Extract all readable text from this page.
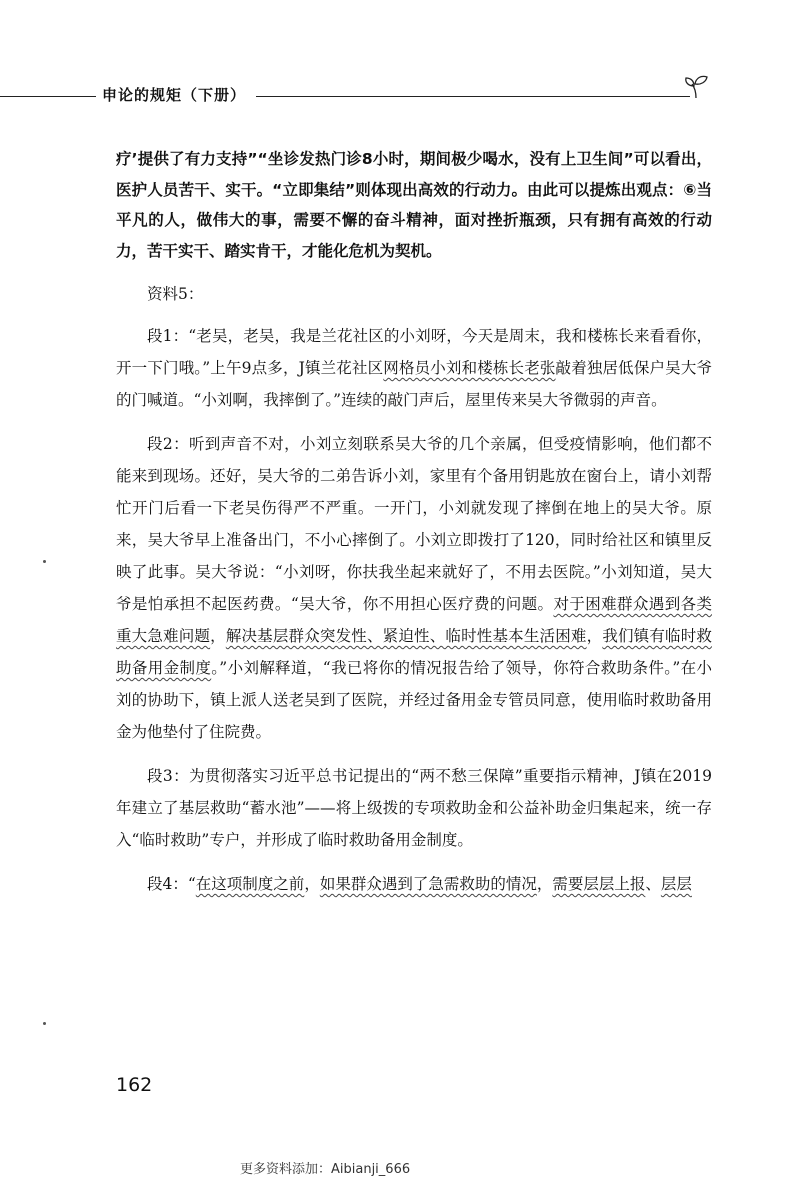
申论的规矩（下册）

疗’提供了有力支持”“坐诊发热门诊8小时，期间极少喝水，没有上卫生间”可以看出，医护人员苦干、实干。“立即集结”则体现出高效的行动力。由此可以提炼出观点：⑥当平凡的人，做伟大的事，需要不懈的奋斗精神，面对挫折瓶颈，只有拥有高效的行动力，苦干实干、踏实肯干，才能化危机为契机。

资料5：

段1：“老吴，老吴，我是兰花社区的小刘呀，今天是周末，我和楼栋长来看看你，开一下门哦。”上午9点多，J镇兰花社区网格员小刘和楼栋长老张敲着独居低保户吴大爷的门喊道。“小刘啊，我摔倒了。”连续的敲门声后，屋里传来吴大爷微弱的声音。

段2：听到声音不对，小刘立刻联系吴大爷的几个亲属，但受疫情影响，他们都不能来到现场。还好，吴大爷的二弟告诉小刘，家里有个备用钥匙放在窗台上，请小刘帮忙开门后看一下老吴伤得严不严重。一开门，小刘就发现了摔倒在地上的吴大爷。原来，吴大爷早上准备出门，不小心摔倒了。小刘立即拨打了120，同时给社区和镇里反映了此事。吴大爷说：“小刘呀，你扶我坐起来就好了，不用去医院。”小刘知道，吴大爷是怕承担不起医药费。“吴大爷，你不用担心医疗费的问题。对于困难群众遇到各类重大急难问题，解决基层群众突发性、紧迫性、临时性基本生活困难，我们镇有临时救助备用金制度。”小刘解释道，“我已将你的情况报告给了领导，你符合救助条件。”在小刘的协助下，镇上派人送老吴到了医院，并经过备用金专管员同意，使用临时救助备用金为他垫付了住院费。

段3：为贯彻落实习近平总书记提出的“两不愁三保障”重要指示精神，J镇在2019年建立了基层救助“蓄水池”——将上级拨的专项救助金和公益补助金归集起来，统一存入“临时救助”专户，并形成了临时救助备用金制度。

段4：“在这项制度之前，如果群众遇到了急需救助的情况，需要层层上报、层层

162
更多资料添加：Aibianji_666
